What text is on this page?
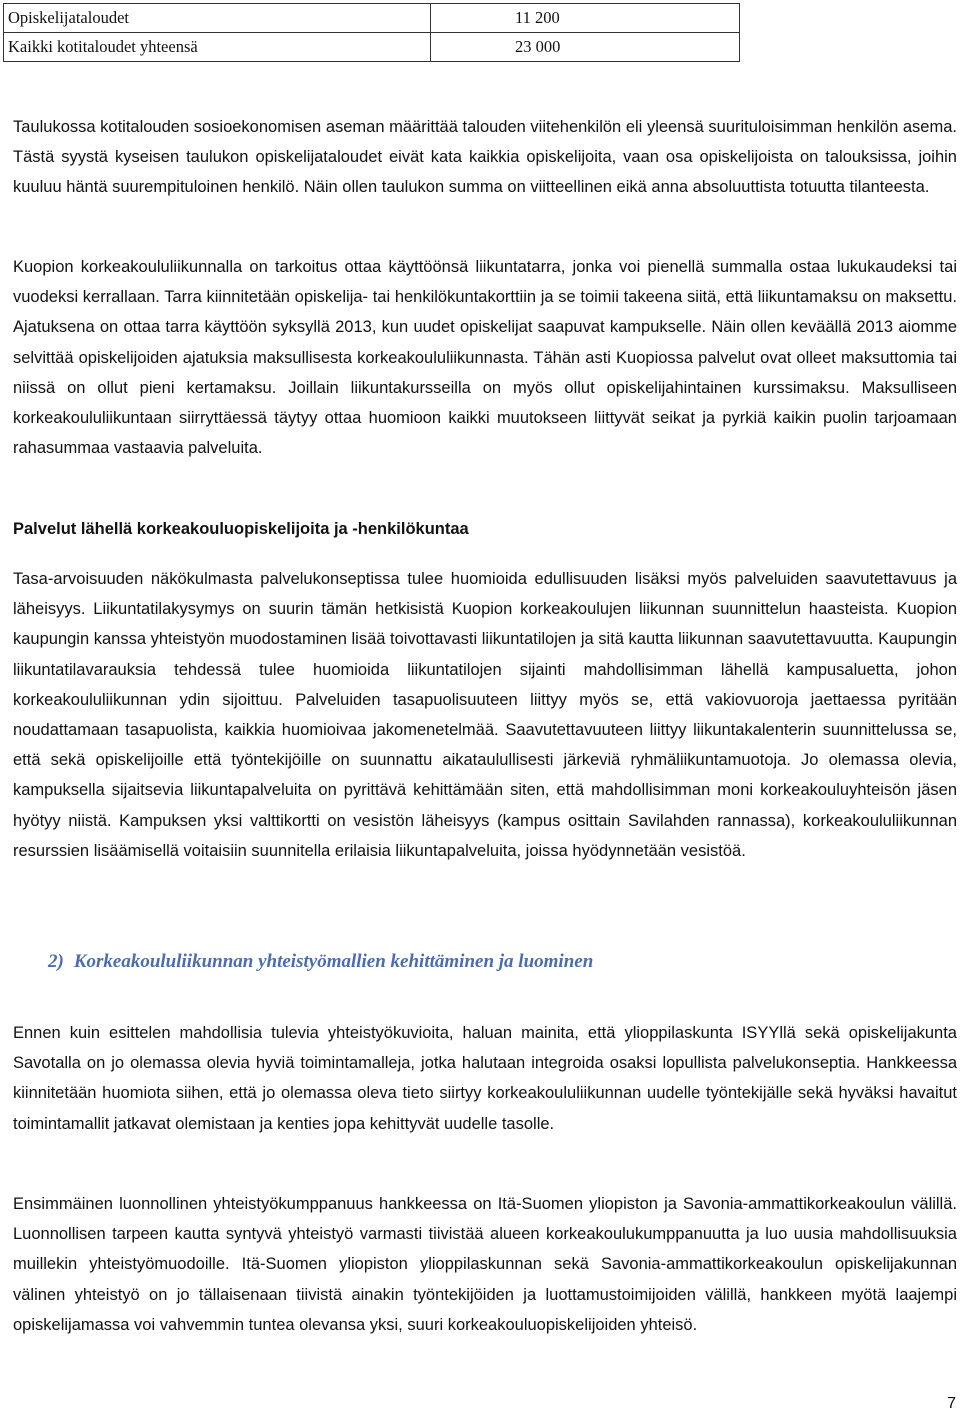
Opiskelijataloudet	11 200
Kaikki kotitaloudet yhteensä	23 000

Taulukossa kotitalouden sosioekonomisen aseman määrittää talouden viitehenkilön eli yleensä suurituloisimman henkilön asema. Tästä syystä kyseisen taulukon opiskelijataloudet eivät kata kaikkia opiskelijoita, vaan osa opiskelijoista on talouksissa, joihin kuuluu häntä suurempituloinen henkilö. Näin ollen taulukon summa on viitteellinen eikä anna absoluuttista totuutta tilanteesta.

Kuopion korkeakoululiikunnalla on tarkoitus ottaa käyttöönsä liikuntatarra, jonka voi pienellä summalla ostaa lukukaudeksi tai vuodeksi kerrallaan. Tarra kiinnitetään opiskelija- tai henkilökuntakorttiin ja se toimii takeena siitä, että liikuntamaksu on maksettu. Ajatuksena on ottaa tarra käyttöön syksyllä 2013, kun uudet opiskelijat saapuvat kampukselle. Näin ollen keväällä 2013 aiomme selvittää opiskelijoiden ajatuksia maksullisesta korkeakoululiikunnasta. Tähän asti Kuopiossa palvelut ovat olleet maksuttomia tai niissä on ollut pieni kertamaksu. Joillain liikuntakursseilla on myös ollut opiskelijahintainen kurssimaksu. Maksulliseen korkeakoululiikuntaan siirryttäessä täytyy ottaa huomioon kaikki muutokseen liittyvät seikat ja pyrkiä kaikin puolin tarjoamaan rahasummaa vastaavia palveluita.

Palvelut lähellä korkeakouluopiskelijoita ja -henkilökuntaa

Tasa-arvoisuuden näkökulmasta palvelukonseptissa tulee huomioida edullisuuden lisäksi myös palveluiden saavutettavuus ja läheisyys. Liikuntatilakysymys on suurin tämän hetkisistä Kuopion korkeakoulujen liikunnan suunnittelun haasteista. Kuopion kaupungin kanssa yhteistyön muodostaminen lisää toivottavasti liikuntatilojen ja sitä kautta liikunnan saavutettavuutta. Kaupungin liikuntatilavarauksia tehdessä tulee huomioida liikuntatilojen sijainti mahdollisimman lähellä kampusaluetta, johon korkeakoululiikunnan ydin sijoittuu. Palveluiden tasapuolisuuteen liittyy myös se, että vakiovuoroja jaettaessa pyritään noudattamaan tasapuolista, kaikkia huomioivaa jakomenetelmää. Saavutettavuuteen liittyy liikuntakalenterin suunnittelussa se, että sekä opiskelijoille että työntekijöille on suunnattu aikataulullisesti järkeviä ryhmäliikuntamuotoja. Jo olemassa olevia, kampuksella sijaitsevia liikuntapalveluita on pyrittävä kehittämään siten, että mahdollisimman moni korkeakouluyhteisön jäsen hyötyy niistä. Kampuksen yksi valttikortti on vesistön läheisyys (kampus osittain Savilahden rannassa), korkeakoululiikunnan resurssien lisäämisellä voitaisiin suunnitella erilaisia liikuntapalveluita, joissa hyödynnetään vesistöä.

2) Korkeakoululiikunnan yhteistyömallien kehittäminen ja luominen

Ennen kuin esittelen mahdollisia tulevia yhteistyökuvioita, haluan mainita, että ylioppilaskunta ISYYllä sekä opiskelijakunta Savotalla on jo olemassa olevia hyviä toimintamalleja, jotka halutaan integroida osaksi lopullista palvelukonseptia. Hankkeessa kiinnitetään huomiota siihen, että jo olemassa oleva tieto siirtyy korkeakoululiikunnan uudelle työntekijälle sekä hyväksi havaitut toimintamallit jatkavat olemistaan ja kenties jopa kehittyvät uudelle tasolle.

Ensimmäinen luonnollinen yhteistyökumppanuus hankkeessa on Itä-Suomen yliopiston ja Savonia-ammattikorkeakoulun välillä. Luonnollisen tarpeen kautta syntyvä yhteistyö varmasti tiivistää alueen korkeakoulukumppanuutta ja luo uusia mahdollisuuksia muillekin yhteistyömuodoille. Itä-Suomen yliopiston ylioppilaskunnan sekä Savonia-ammattikorkeakoulun opiskelijakunnan välinen yhteistyö on jo tällaisenaan tiivistä ainakin työntekijöiden ja luottamustoimijoiden välillä, hankkeen myötä laajempi opiskelijamassa voi vahvemmin tuntea olevansa yksi, suuri korkeakouluopiskelijoiden yhteisö.

7
